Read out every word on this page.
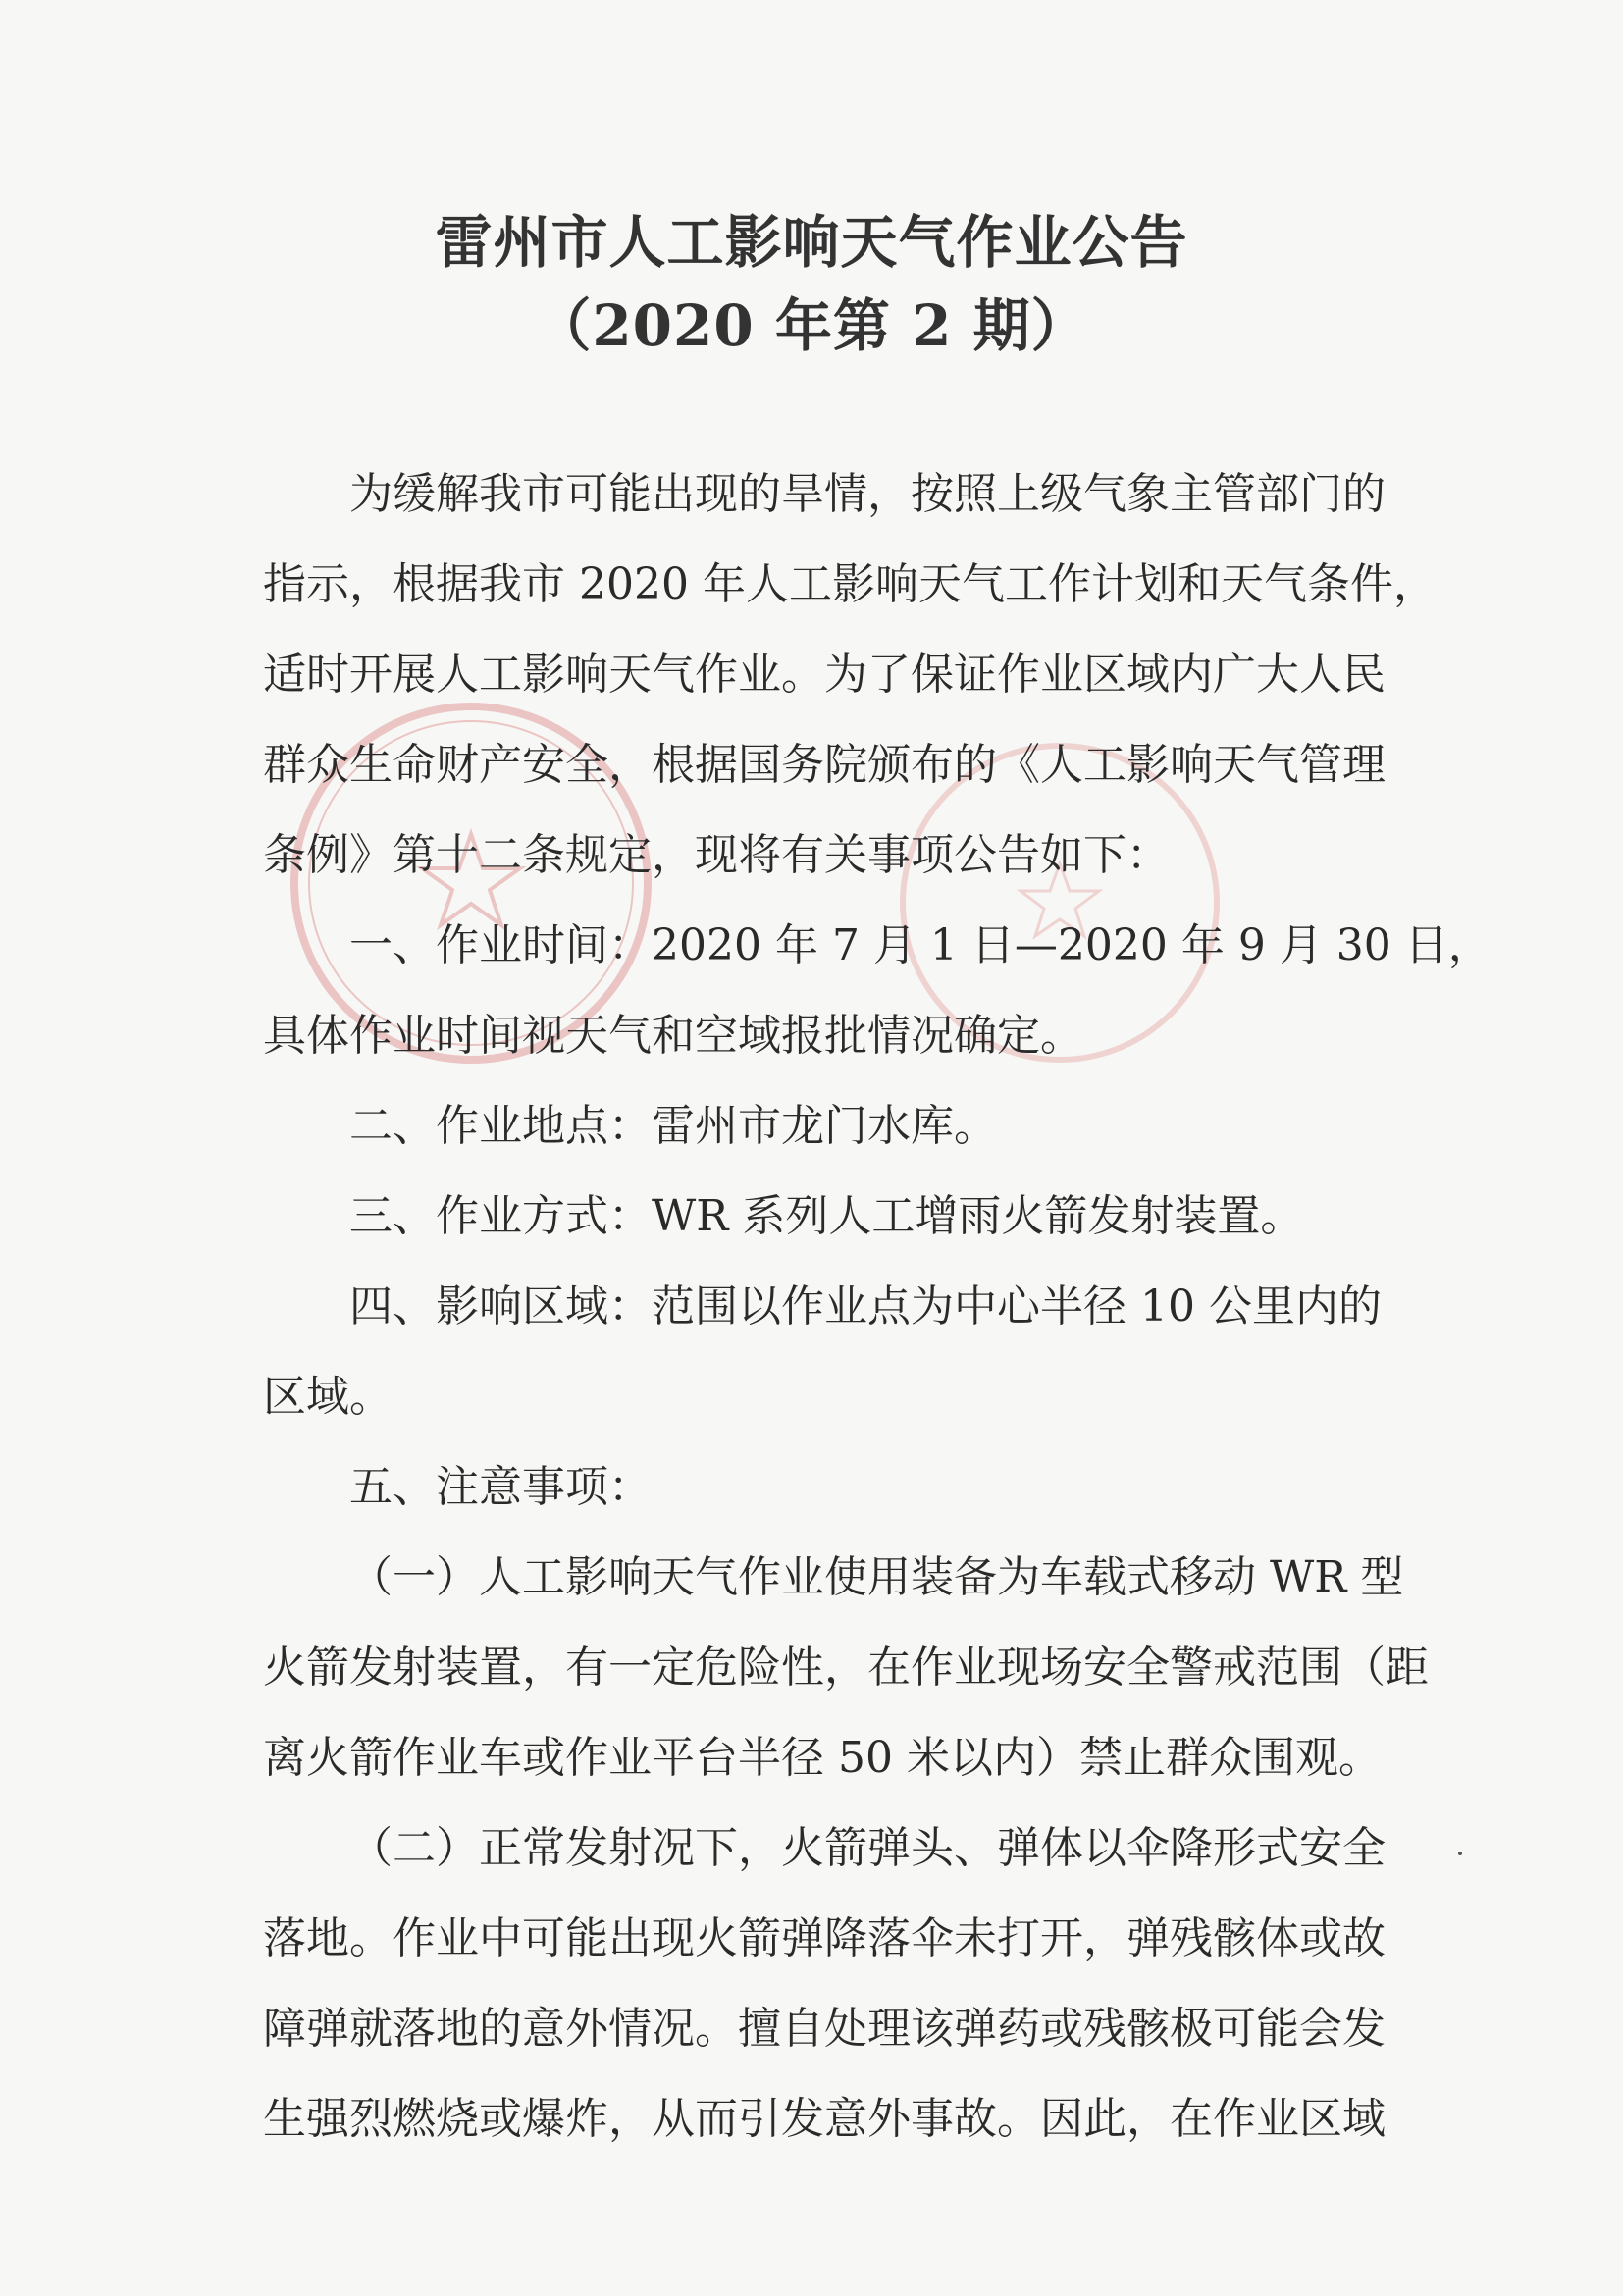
雷州市人工影响天气作业公告
（2020 年第 2 期）
为缓解我市可能出现的旱情，按照上级气象主管部门的
指示，根据我市 2020 年人工影响天气工作计划和天气条件，
适时开展人工影响天气作业。为了保证作业区域内广大人民
群众生命财产安全，根据国务院颁布的《人工影响天气管理
条例》第十二条规定，现将有关事项公告如下：
一、作业时间：2020 年 7 月 1 日—2020 年 9 月 30 日，
具体作业时间视天气和空域报批情况确定。
二、作业地点：雷州市龙门水库。
三、作业方式：WR 系列人工增雨火箭发射装置。
四、影响区域：范围以作业点为中心半径 10 公里内的
区域。
五、注意事项：
（一）人工影响天气作业使用装备为车载式移动 WR 型
火箭发射装置，有一定危险性，在作业现场安全警戒范围（距
离火箭作业车或作业平台半径 50 米以内）禁止群众围观。
（二）正常发射况下，火箭弹头、弹体以伞降形式安全
落地。作业中可能出现火箭弹降落伞未打开，弹残骸体或故
障弹就落地的意外情况。擅自处理该弹药或残骸极可能会发
生强烈燃烧或爆炸，从而引发意外事故。因此，在作业区域
